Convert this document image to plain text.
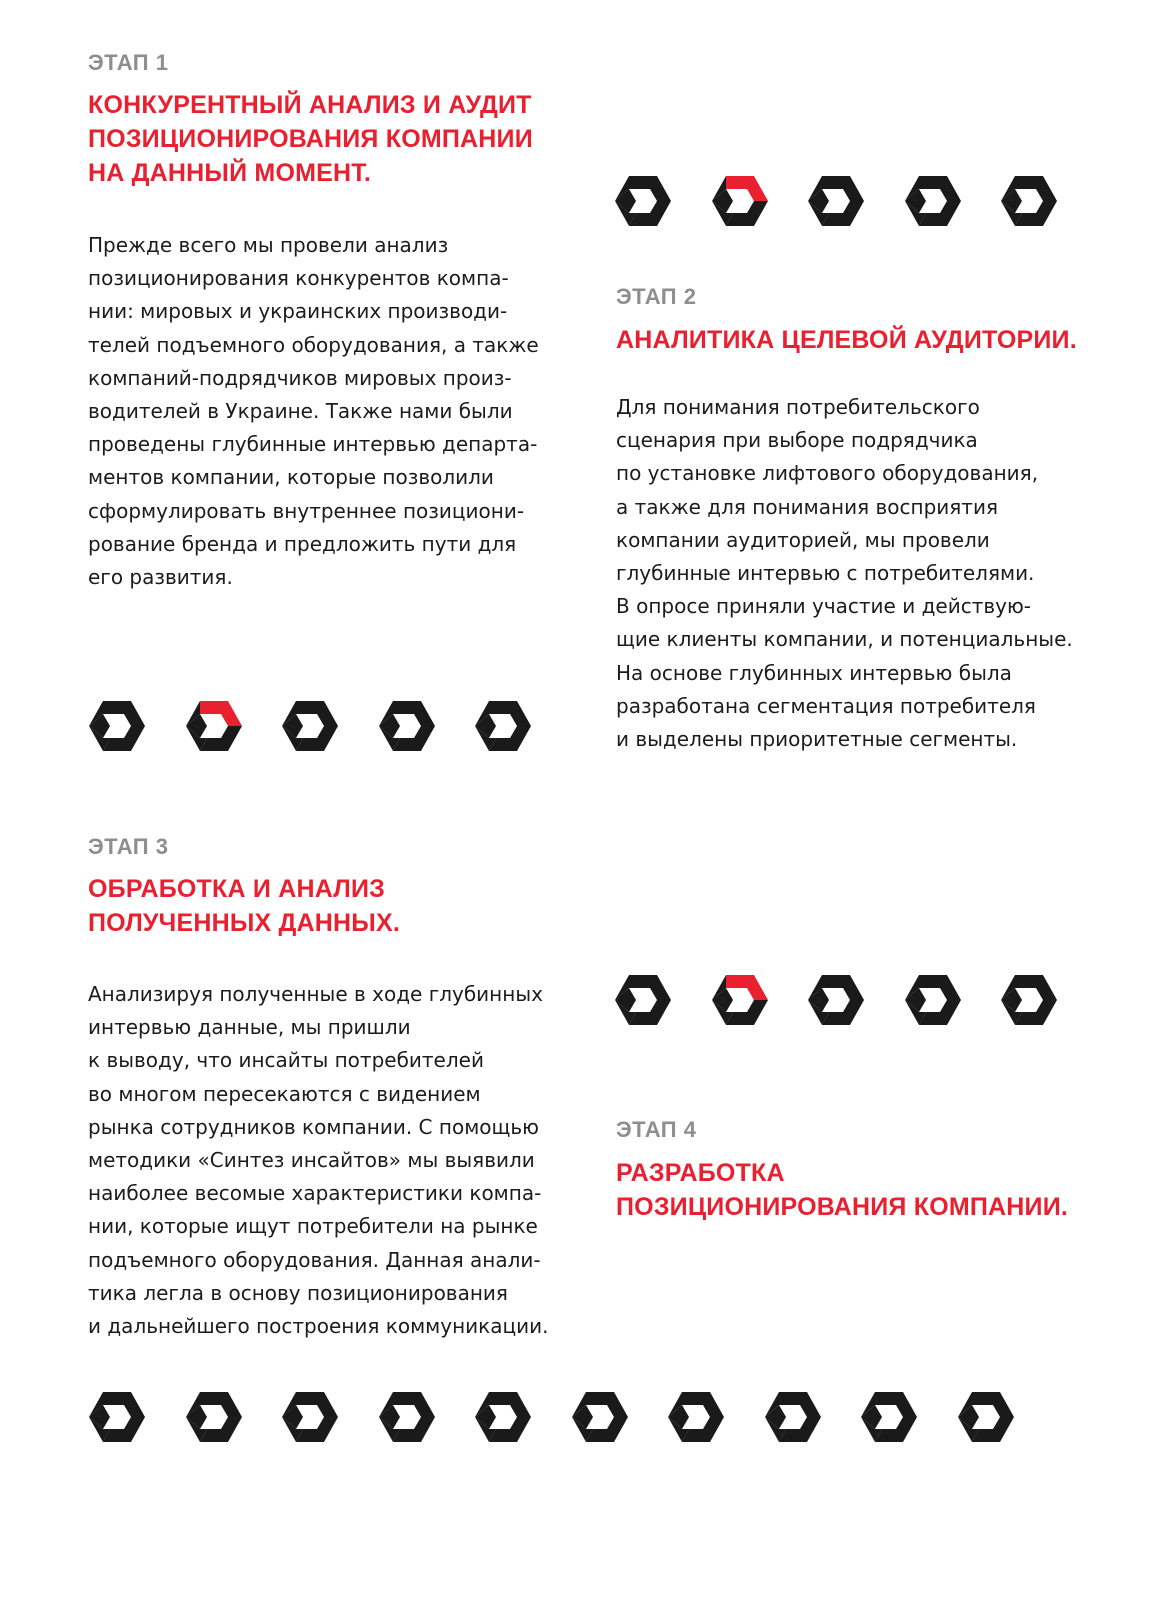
ЭТАП 1
КОНКУРЕНТНЫЙ АНАЛИЗ И АУДИТ
ПОЗИЦИОНИРОВАНИЯ КОМПАНИИ
НА ДАННЫЙ МОМЕНТ.
Прежде всего мы провели анализ
позиционирования конкурентов компа-
нии: мировых и украинских производи-
телей подъемного оборудования, а также
компаний-подрядчиков мировых произ-
водителей в Украине. Также нами были
проведены глубинные интервью департа-
ментов компании, которые позволили
сформулировать внутреннее позициони-
рование бренда и предложить пути для
его развития.
ЭТАП 2
АНАЛИТИКА ЦЕЛЕВОЙ АУДИТОРИИ.
Для понимания потребительского
сценария при выборе подрядчика
по установке лифтового оборудования,
а также для понимания восприятия
компании аудиторией, мы провели
глубинные интервью с потребителями.
В опросе приняли участие и действую-
щие клиенты компании, и потенциальные.
На основе глубинных интервью была
разработана сегментация потребителя
и выделены приоритетные сегменты.
ЭТАП 3
ОБРАБОТКА И АНАЛИЗ
ПОЛУЧЕННЫХ ДАННЫХ.
Анализируя полученные в ходе глубинных
интервью данные, мы пришли
к выводу, что инсайты потребителей
во многом пересекаются с видением
рынка сотрудников компании. С помощью
методики «Синтез инсайтов» мы выявили
наиболее весомые характеристики компа-
нии, которые ищут потребители на рынке
подъемного оборудования. Данная анали-
тика легла в основу позиционирования
и дальнейшего построения коммуникации.
ЭТАП 4
РАЗРАБОТКА
ПОЗИЦИОНИРОВАНИЯ КОМПАНИИ.
